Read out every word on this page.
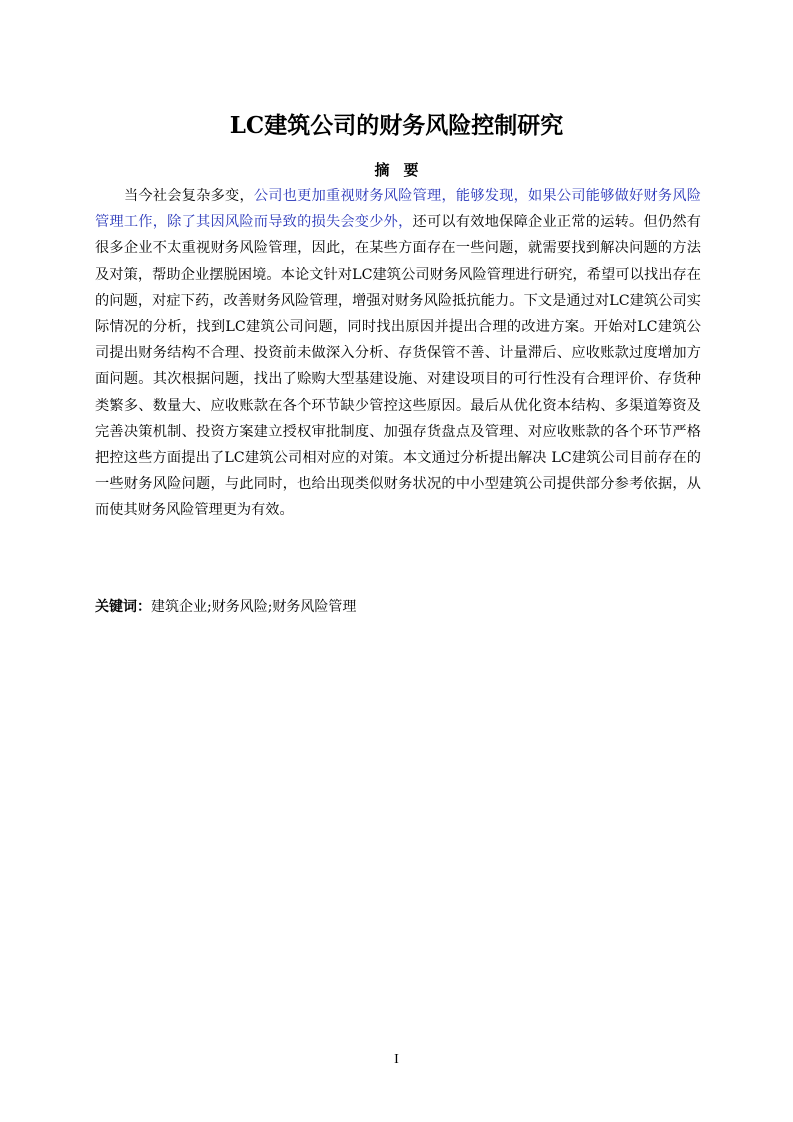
LC建筑公司的财务风险控制研究
摘要

当今社会复杂多变，公司也更加重视财务风险管理，能够发现，如果公司能够做好财务风险管理工作，除了其因风险而导致的损失会变少外，还可以有效地保障企业正常的运转。但仍然有很多企业不太重视财务风险管理，因此，在某些方面存在一些问题，就需要找到解决问题的方法及对策，帮助企业摆脱困境。本论文针对LC建筑公司财务风险管理进行研究，希望可以找出存在的问题，对症下药，改善财务风险管理，增强对财务风险抵抗能力。下文是通过对LC建筑公司实际情况的分析，找到LC建筑公司问题，同时找出原因并提出合理的改进方案。开始对LC建筑公司提出财务结构不合理、投资前未做深入分析、存货保管不善、计量滞后、应收账款过度增加方面问题。其次根据问题，找出了赊购大型基建设施、对建设项目的可行性没有合理评价、存货种类繁多、数量大、应收账款在各个环节缺少管控这些原因。最后从优化资本结构、多渠道筹资及完善决策机制、投资方案建立授权审批制度、加强存货盘点及管理、对应收账款的各个环节严格把控这些方面提出了LC建筑公司相对应的对策。本文通过分析提出解决 LC建筑公司目前存在的一些财务风险问题，与此同时，也给出现类似财务状况的中小型建筑公司提供部分参考依据，从而使其财务风险管理更为有效。

关键词：建筑企业;财务风险;财务风险管理
I
